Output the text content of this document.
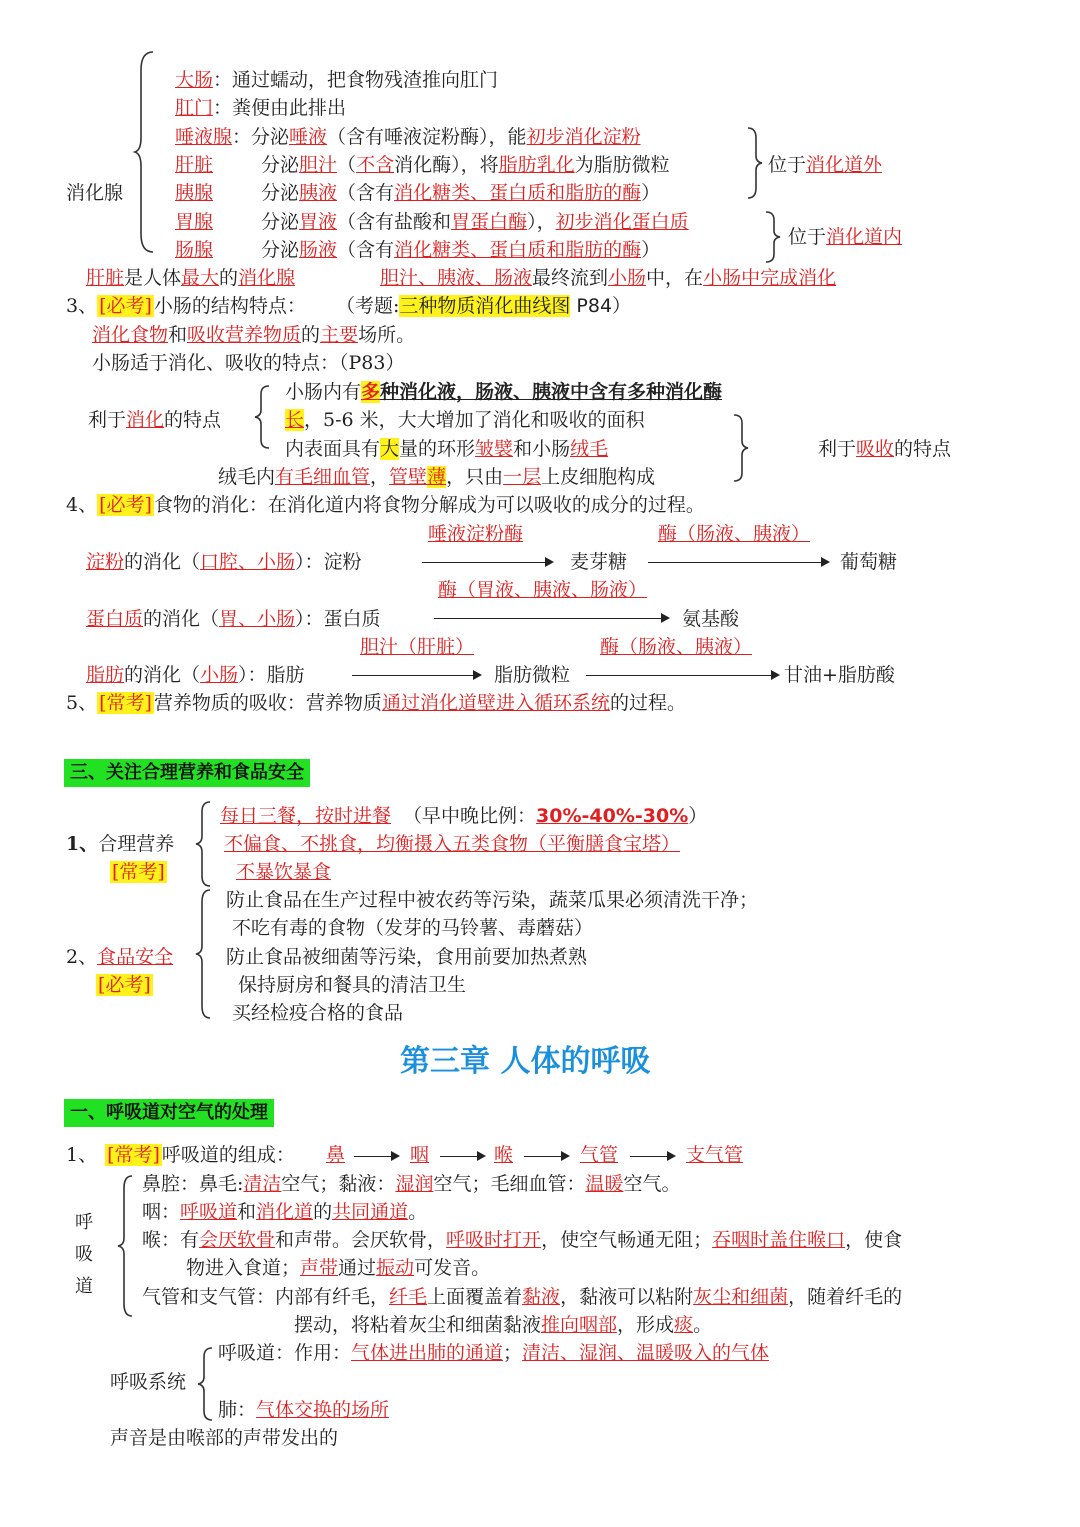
消化腺
大肠：通过蠕动，把食物残渣推向肛门
肛门：粪便由此排出
唾液腺：分泌唾液（含有唾液淀粉酶），能初步消化淀粉
肝脏	分泌胆汁（不含消化酶），将脂肪乳化为脂肪微粒
胰腺	分泌胰液（含有消化糖类、蛋白质和脂肪的酶）
胃腺	分泌胃液（含有盐酸和胃蛋白酶），初步消化蛋白质
肠腺	分泌肠液（含有消化糖类、蛋白质和脂肪的酶）
位于消化道外
位于消化道内
肝脏是人体最大的消化腺	胆汁、胰液、肠液最终流到小肠中，在小肠中完成消化
3、 [必考] 小肠的结构特点： （考题:三种物质消化曲线图 P84）
消化食物和吸收营养物质的主要场所。
小肠适于消化、吸收的特点：（P83）
利于消化的特点
小肠内有多种消化液，肠液、胰液中含有多种消化酶
长，5-6 米，大大增加了消化和吸收的面积
内表面具有大量的环形皱襞和小肠绒毛
绒毛内有毛细血管，管壁薄，只由一层上皮细胞构成
利于吸收的特点
4、 [必考] 食物的消化：在消化道内将食物分解成为可以吸收的成分的过程。
唾液淀粉酶	酶（肠液、胰液）
淀粉的消化（口腔、小肠）：淀粉	麦芽糖	葡萄糖
酶（胃液、胰液、肠液）
蛋白质的消化（胃、小肠）：蛋白质	氨基酸
胆汁（肝脏）	酶（肠液、胰液）
脂肪的消化（小肠）：脂肪	脂肪微粒	甘油+脂肪酸
5、 [常考] 营养物质的吸收：营养物质通过消化道壁进入循环系统的过程。
三、关注合理营养和食品安全
1、合理营养
[常考]
每日三餐，按时进餐 （早中晚比例：30%-40%-30%）
不偏食、不挑食，均衡摄入五类食物（平衡膳食宝塔）
不暴饮暴食
2、食品安全
[必考]
防止食品在生产过程中被农药等污染，蔬菜瓜果必须清洗干净；
不吃有毒的食物（发芽的马铃薯、毒蘑菇）
防止食品被细菌等污染，食用前要加热煮熟
保持厨房和餐具的清洁卫生
买经检疫合格的食品
第三章 人体的呼吸
一、呼吸道对空气的处理
1、 [常考] 呼吸道的组成： 鼻	咽	喉	气管	支气管
呼吸道
鼻腔：鼻毛:清洁空气；黏液：湿润空气；毛细血管：温暖空气。
咽：呼吸道和消化道的共同通道。
喉：有会厌软骨和声带。会厌软骨，呼吸时打开，使空气畅通无阻；吞咽时盖住喉口，使食
物进入食道；声带通过振动可发音。
气管和支气管：内部有纤毛，纤毛上面覆盖着黏液，黏液可以粘附灰尘和细菌，随着纤毛的
摆动，将粘着灰尘和细菌黏液推向咽部，形成痰。
呼吸系统
呼吸道：作用：气体进出肺的通道；清洁、湿润、温暖吸入的气体
肺：气体交换的场所
声音是由喉部的声带发出的
